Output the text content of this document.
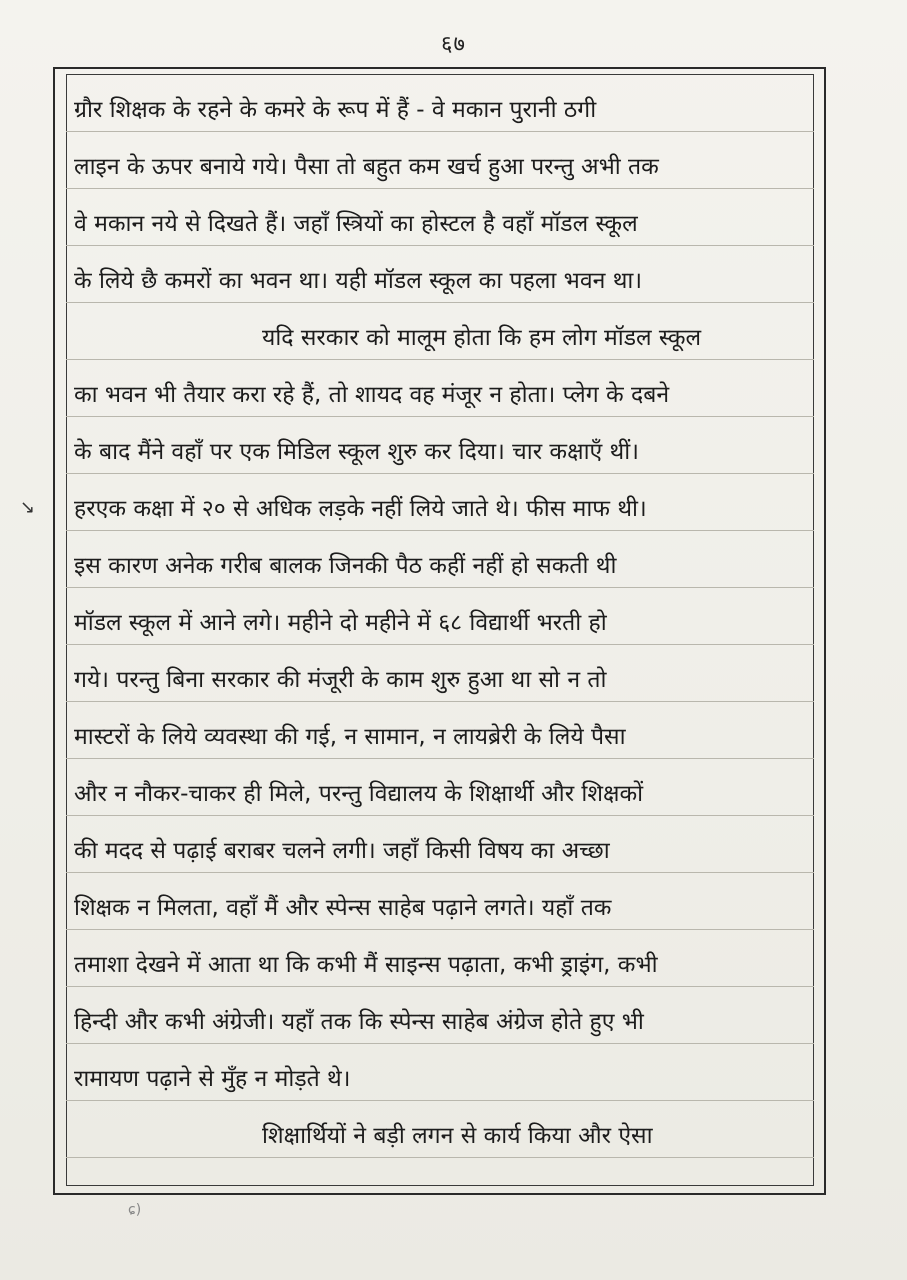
६७
ग्रौर शिक्षक के रहने के कमरे के रूप में हैं - वे मकान पुरानी ठगी
लाइन के ऊपर बनाये गये। पैसा तो बहुत कम खर्च हुआ परन्तु अभी तक
वे मकान नये से दिखते हैं। जहाँ स्त्रियों का होस्टल है वहाँ मॉडल स्कूल
के लिये छै कमरों का भवन था। यही मॉडल स्कूल का पहला भवन था।
यदि सरकार को मालूम होता कि हम लोग मॉडल स्कूल
का भवन भी तैयार करा रहे हैं, तो शायद वह मंजूर न होता। प्लेग के दबने
के बाद मैंने वहाँ पर एक मिडिल स्कूल शुरु कर दिया। चार कक्षाएँ थीं।
हरएक कक्षा में २० से अधिक लड़के नहीं लिये जाते थे। फीस माफ थी।
इस कारण अनेक गरीब बालक जिनकी पैठ कहीं नहीं हो सकती थी
मॉडल स्कूल में आने लगे। महीने दो महीने में ६८ विद्यार्थी भरती हो
गये। परन्तु बिना सरकार की मंजूरी के काम शुरु हुआ था सो न तो
मास्टरों के लिये व्यवस्था की गई, न सामान, न लायब्रेरी के लिये पैसा
और न नौकर-चाकर ही मिले, परन्तु विद्यालय के शिक्षार्थी और शिक्षकों
की मदद से पढ़ाई बराबर चलने लगी। जहाँ किसी विषय का अच्छा
शिक्षक न मिलता, वहाँ मैं और स्पेन्स साहेब पढ़ाने लगते। यहाँ तक
तमाशा देखने में आता था कि कभी मैं साइन्स पढ़ाता, कभी ड्राइंग, कभी
हिन्दी और कभी अंग्रेजी। यहाँ तक कि स्पेन्स साहेब अंग्रेज होते हुए भी
रामायण पढ़ाने से मुँह न मोड़ते थे।
शिक्षार्थियों ने बड़ी लगन से कार्य किया और ऐसा
↘
ɕ)
